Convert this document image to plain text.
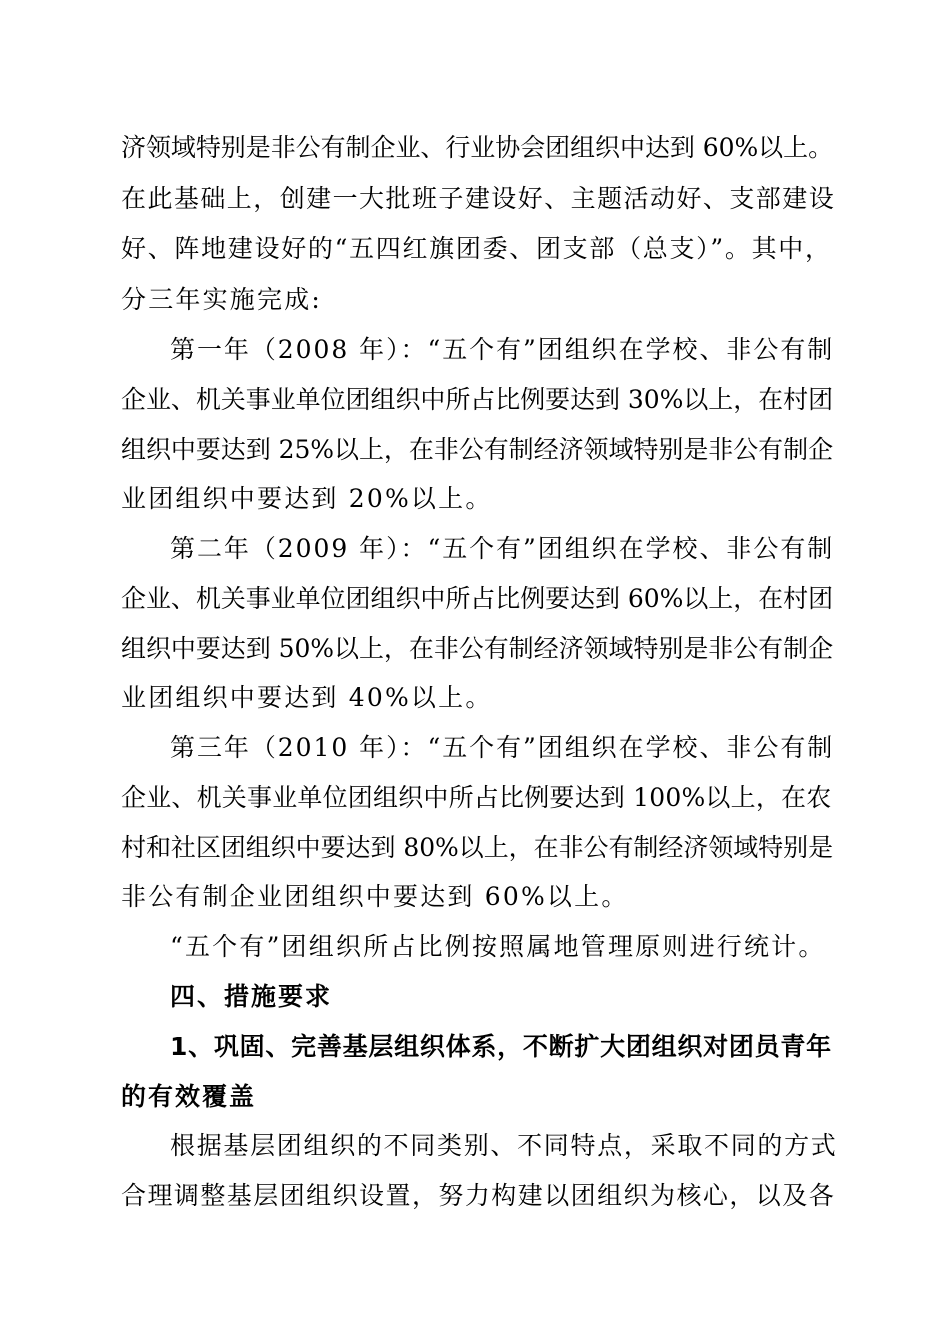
济领域特别是非公有制企业、行业协会团组织中达到 60%以上。
在此基础上，创建一大批班子建设好、主题活动好、支部建设
好、阵地建设好的“五四红旗团委、团支部（总支）”。其中，
分三年实施完成:
第一年（2008 年）：“五个有”团组织在学校、非公有制
企业、机关事业单位团组织中所占比例要达到 30%以上，在村团
组织中要达到 25%以上，在非公有制经济领域特别是非公有制企
业团组织中要达到 20%以上。
第二年（2009 年）：“五个有”团组织在学校、非公有制
企业、机关事业单位团组织中所占比例要达到 60%以上，在村团
组织中要达到 50%以上，在非公有制经济领域特别是非公有制企
业团组织中要达到 40%以上。
第三年（2010 年）：“五个有”团组织在学校、非公有制
企业、机关事业单位团组织中所占比例要达到 100%以上，在农
村和社区团组织中要达到 80%以上，在非公有制经济领域特别是
非公有制企业团组织中要达到 60%以上。
“五个有”团组织所占比例按照属地管理原则进行统计。
四、措施要求
1、巩固、完善基层组织体系，不断扩大团组织对团员青年
的有效覆盖
根据基层团组织的不同类别、不同特点，采取不同的方式
合理调整基层团组织设置，努力构建以团组织为核心，以及各
